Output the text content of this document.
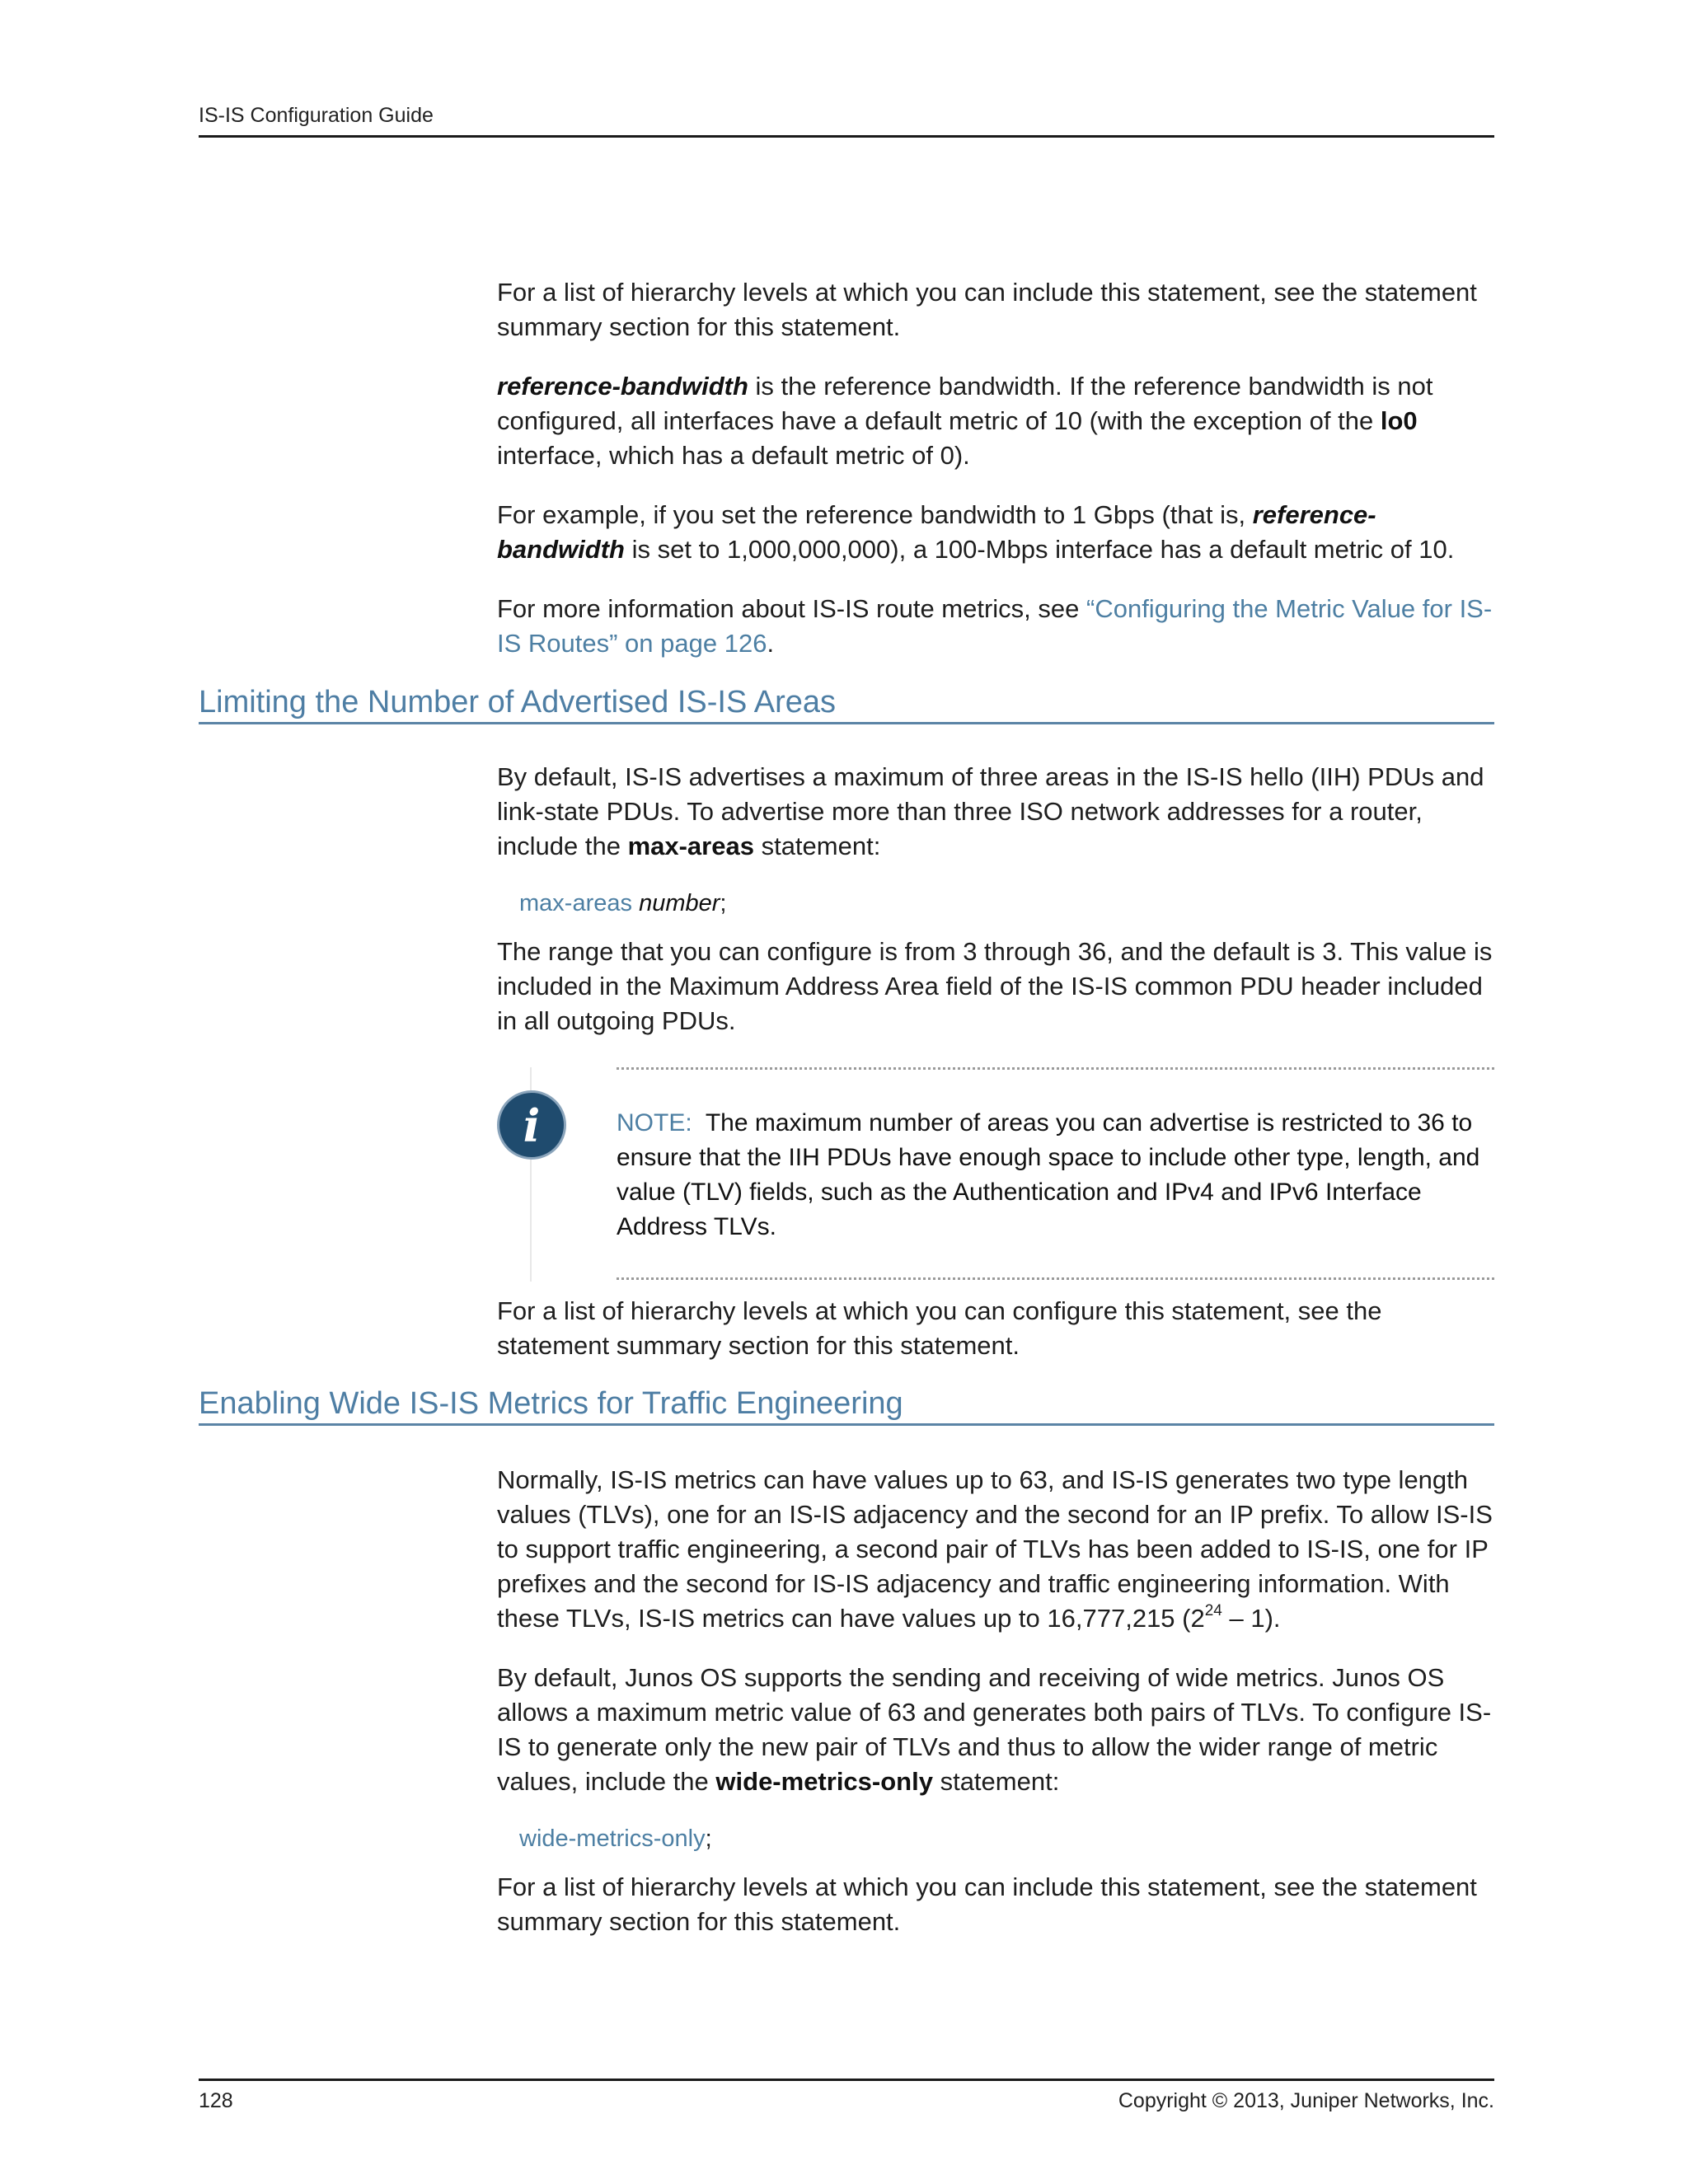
IS-IS Configuration Guide

For a list of hierarchy levels at which you can include this statement, see the statement summary section for this statement.

reference-bandwidth is the reference bandwidth. If the reference bandwidth is not configured, all interfaces have a default metric of 10 (with the exception of the lo0 interface, which has a default metric of 0).

For example, if you set the reference bandwidth to 1 Gbps (that is, reference-bandwidth is set to 1,000,000,000), a 100-Mbps interface has a default metric of 10.

For more information about IS-IS route metrics, see “Configuring the Metric Value for IS-IS Routes” on page 126.

Limiting the Number of Advertised IS-IS Areas

By default, IS-IS advertises a maximum of three areas in the IS-IS hello (IIH) PDUs and link-state PDUs. To advertise more than three ISO network addresses for a router, include the max-areas statement:

max-areas number;

The range that you can configure is from 3 through 36, and the default is 3. This value is included in the Maximum Address Area field of the IS-IS common PDU header included in all outgoing PDUs.

i	NOTE: The maximum number of areas you can advertise is restricted to 36 to ensure that the IIH PDUs have enough space to include other type, length, and value (TLV) fields, such as the Authentication and IPv4 and IPv6 Interface Address TLVs.

For a list of hierarchy levels at which you can configure this statement, see the statement summary section for this statement.

Enabling Wide IS-IS Metrics for Traffic Engineering

Normally, IS-IS metrics can have values up to 63, and IS-IS generates two type length values (TLVs), one for an IS-IS adjacency and the second for an IP prefix. To allow IS-IS to support traffic engineering, a second pair of TLVs has been added to IS-IS, one for IP prefixes and the second for IS-IS adjacency and traffic engineering information. With these TLVs, IS-IS metrics can have values up to 16,777,215 $(2^{24} - 1)$.

By default, Junos OS supports the sending and receiving of wide metrics. Junos OS allows a maximum metric value of 63 and generates both pairs of TLVs. To configure IS-IS to generate only the new pair of TLVs and thus to allow the wider range of metric values, include the wide-metrics-only statement:

wide-metrics-only;

For a list of hierarchy levels at which you can include this statement, see the statement summary section for this statement.

128	Copyright © 2013, Juniper Networks, Inc.
